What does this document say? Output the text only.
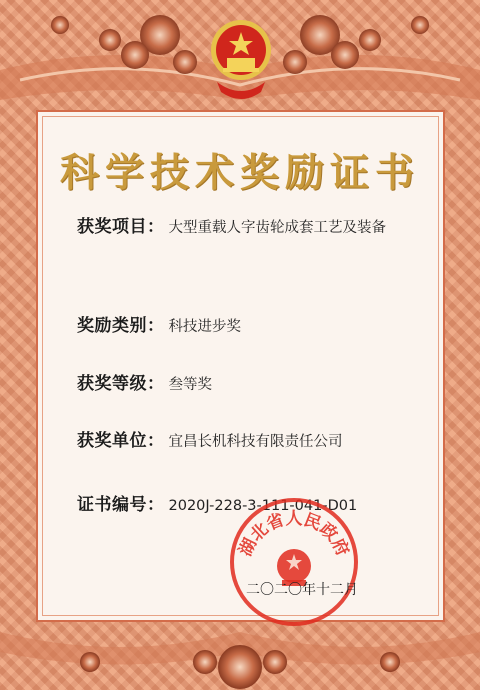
科学技术奖励证书
获奖项目： 大型重载人字齿轮成套工艺及装备
奖励类别： 科技进步奖
获奖等级： 叁等奖
获奖单位： 宜昌长机科技有限责任公司
证书编号： 2020J-228-3-111-041-D01
湖北省人民政府
二〇二〇年十二月
